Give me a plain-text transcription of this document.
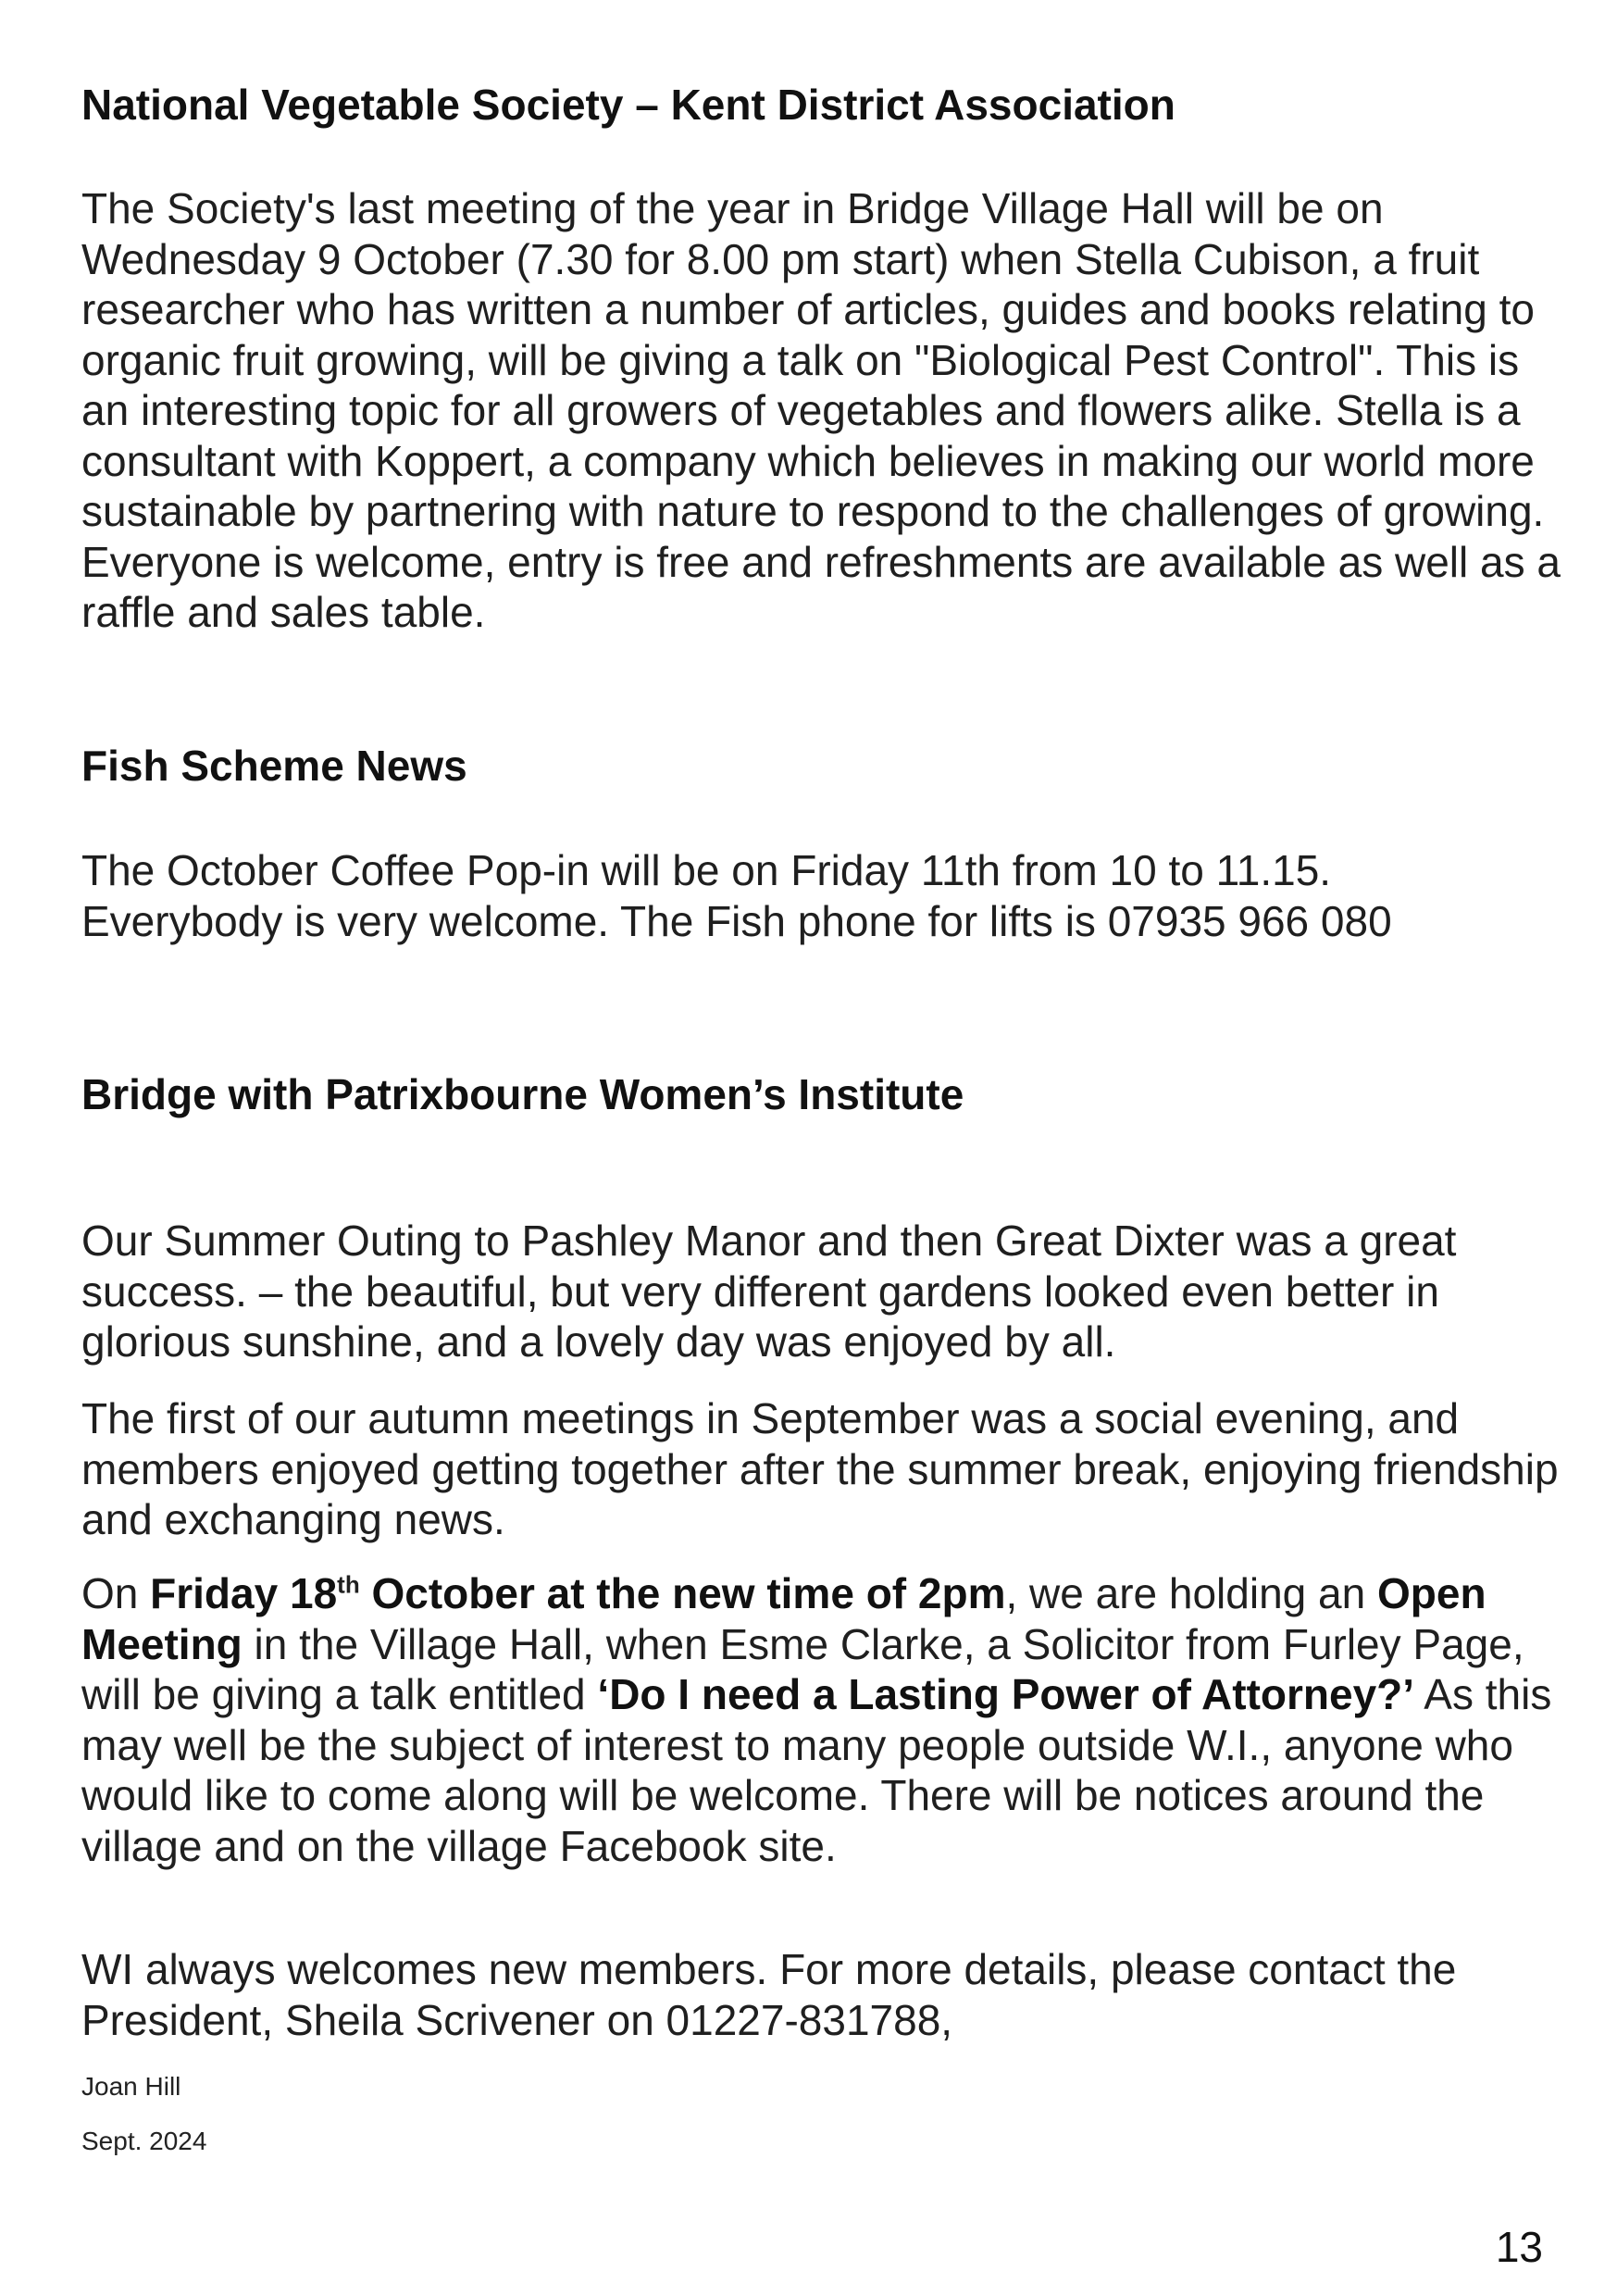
National Vegetable Society – Kent District Association

The Society's last meeting of the year in Bridge Village Hall will be on Wednesday 9 October (7.30 for 8.00 pm start) when Stella Cubison, a fruit researcher who has written a number of articles, guides and books relating to organic fruit growing, will be giving a talk on "Biological Pest Control". This is an interesting topic for all growers of vegetables and flowers alike. Stella is a consultant with Koppert, a company which believes in making our world more sustainable by partnering with nature to respond to the challenges of growing. Everyone is welcome, entry is free and refreshments are available as well as a raffle and sales table.

Fish Scheme News

The October Coffee Pop-in will be on Friday 11th from 10 to 11.15.

Everybody is very welcome. The Fish phone for lifts is 07935 966 080

Bridge with Patrixbourne Women’s Institute

Our Summer Outing to Pashley Manor and then Great Dixter was a great success. – the beautiful, but very different gardens looked even better in glorious sunshine, and a lovely day was enjoyed by all.

The first of our autumn meetings in September was a social evening, and members enjoyed getting together after the summer break, enjoying friendship and exchanging news.

On Friday 18th October at the new time of 2pm, we are holding an Open Meeting in the Village Hall, when Esme Clarke, a Solicitor from Furley Page, will be giving a talk entitled ‘Do I need a Lasting Power of Attorney?’ As this may well be the subject of interest to many people outside W.I., anyone who would like to come along will be welcome. There will be notices around the village and on the village Facebook site.

WI always welcomes new members. For more details, please contact the President, Sheila Scrivener on 01227-831788,

Joan Hill

Sept. 2024

13
